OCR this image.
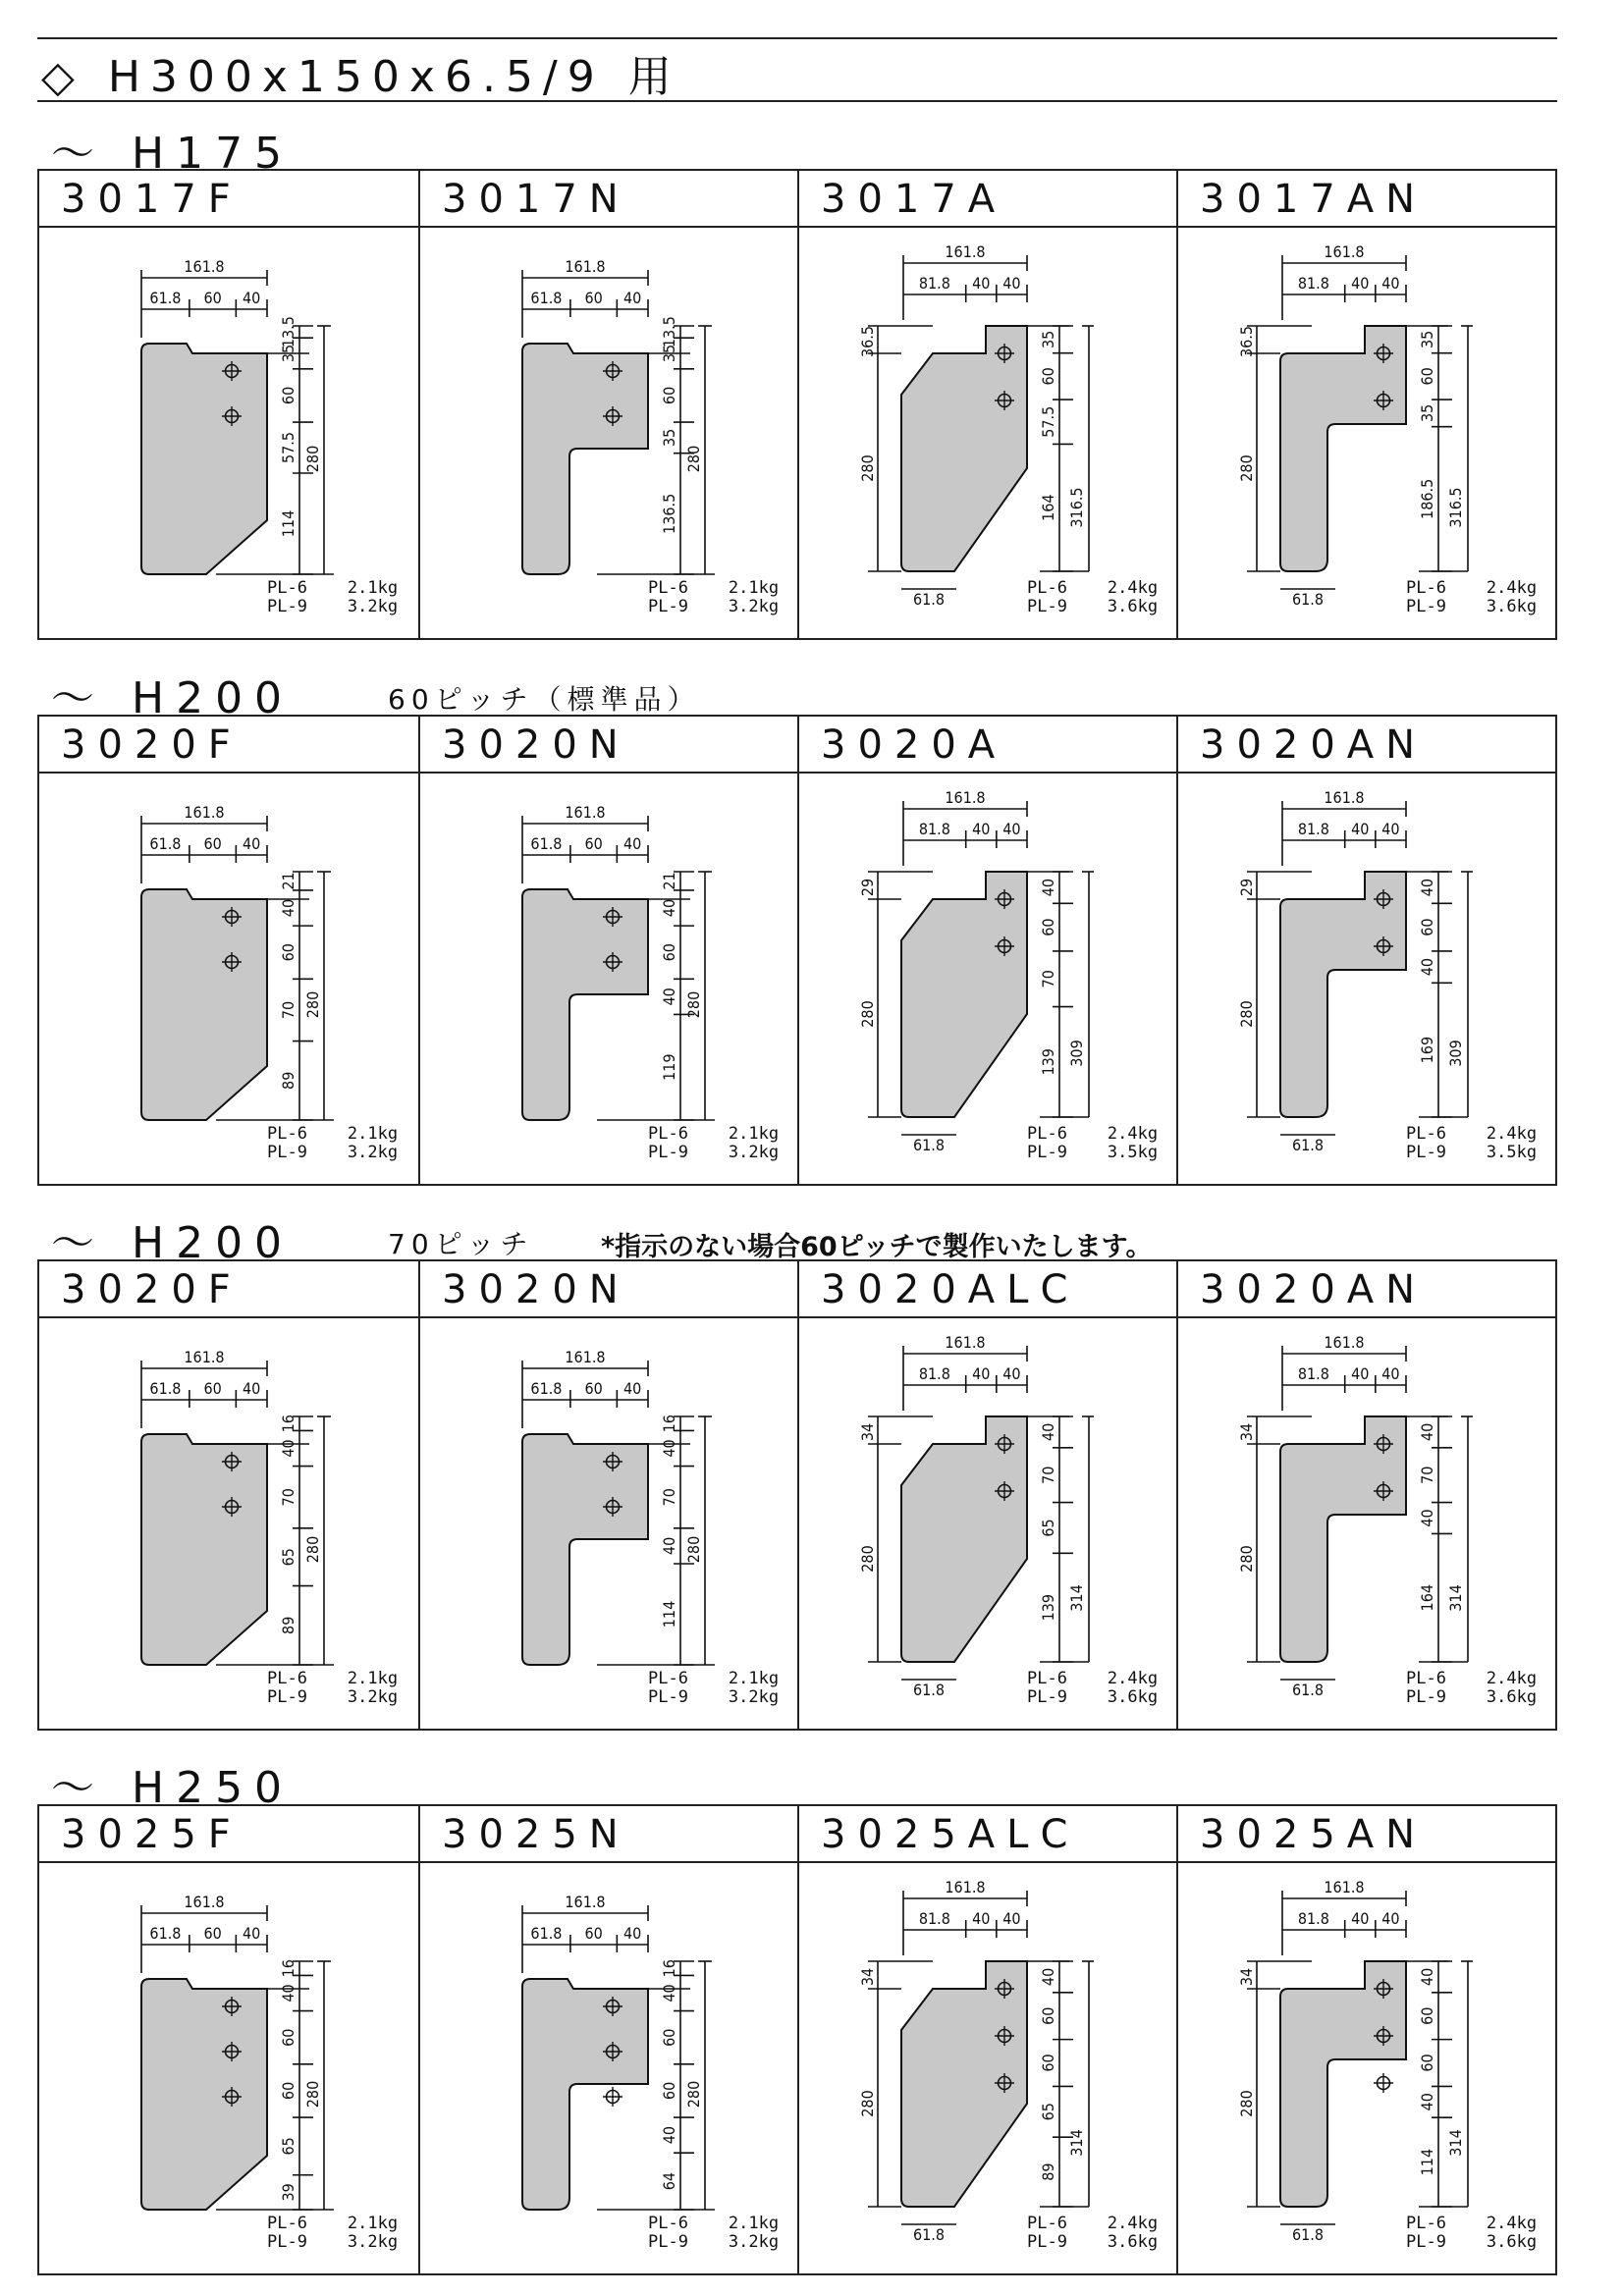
◇ H300x150x6.5/9 用
～ H175
3017F
161.8
61.8 60 40
13.5
35
60
57.5
114
280
PL-6    2.1kg
PL-9    3.2kg
3017N
161.8
61.8 60 40
13.5
35
60
35
136.5
280
PL-6    2.1kg
PL-9    3.2kg
3017A
161.8
81.8 40 40
35
60
57.5
164 316.5
36.5
280
61.8
PL-6    2.4kg
PL-9    3.6kg
3017AN
161.8
81.8 40 40
35
60
35
186.5 316.5
36.5
280
61.8
PL-6    2.4kg
PL-9    3.6kg
～ H200	60ピッチ（標準品）
3020F
161.8
61.8 60 40
21
40
60
70
89
280
PL-6    2.1kg
PL-9    3.2kg
3020N
161.8
61.8 60 40
21
40
60
40
119
280
PL-6    2.1kg
PL-9    3.2kg
3020A
161.8
81.8 40 40
40
60
70
139 309
29
280
61.8
PL-6    2.4kg
PL-9    3.5kg
3020AN
161.8
81.8 40 40
40
60
40
169 309
29
280
61.8
PL-6    2.4kg
PL-9    3.5kg
～ H200	70ピッチ	*指示のない場合60ピッチで製作いたします。
3020F
161.8
61.8 60 40
16
40
70
65
89
280
PL-6    2.1kg
PL-9    3.2kg
3020N
161.8
61.8 60 40
16
40
70
40
114
280
PL-6    2.1kg
PL-9    3.2kg
3020ALC
161.8
81.8 40 40
40
70
65
139 314
34
280
61.8
PL-6    2.4kg
PL-9    3.6kg
3020AN
161.8
81.8 40 40
40
70
40
164 314
34
280
61.8
PL-6    2.4kg
PL-9    3.6kg
～ H250
3025F
161.8
61.8 60 40
16
40
60
60
65
39
280
PL-6    2.1kg
PL-9    3.2kg
3025N
161.8
61.8 60 40
16
40
60
60
40
64
280
PL-6    2.1kg
PL-9    3.2kg
3025ALC
161.8
81.8 40 40
40
60
60
65
89
314
34
280
61.8
PL-6    2.4kg
PL-9    3.6kg
3025AN
161.8
81.8 40 40
40
60
60
40
114
314
34
280
61.8
PL-6    2.4kg
PL-9    3.6kg
